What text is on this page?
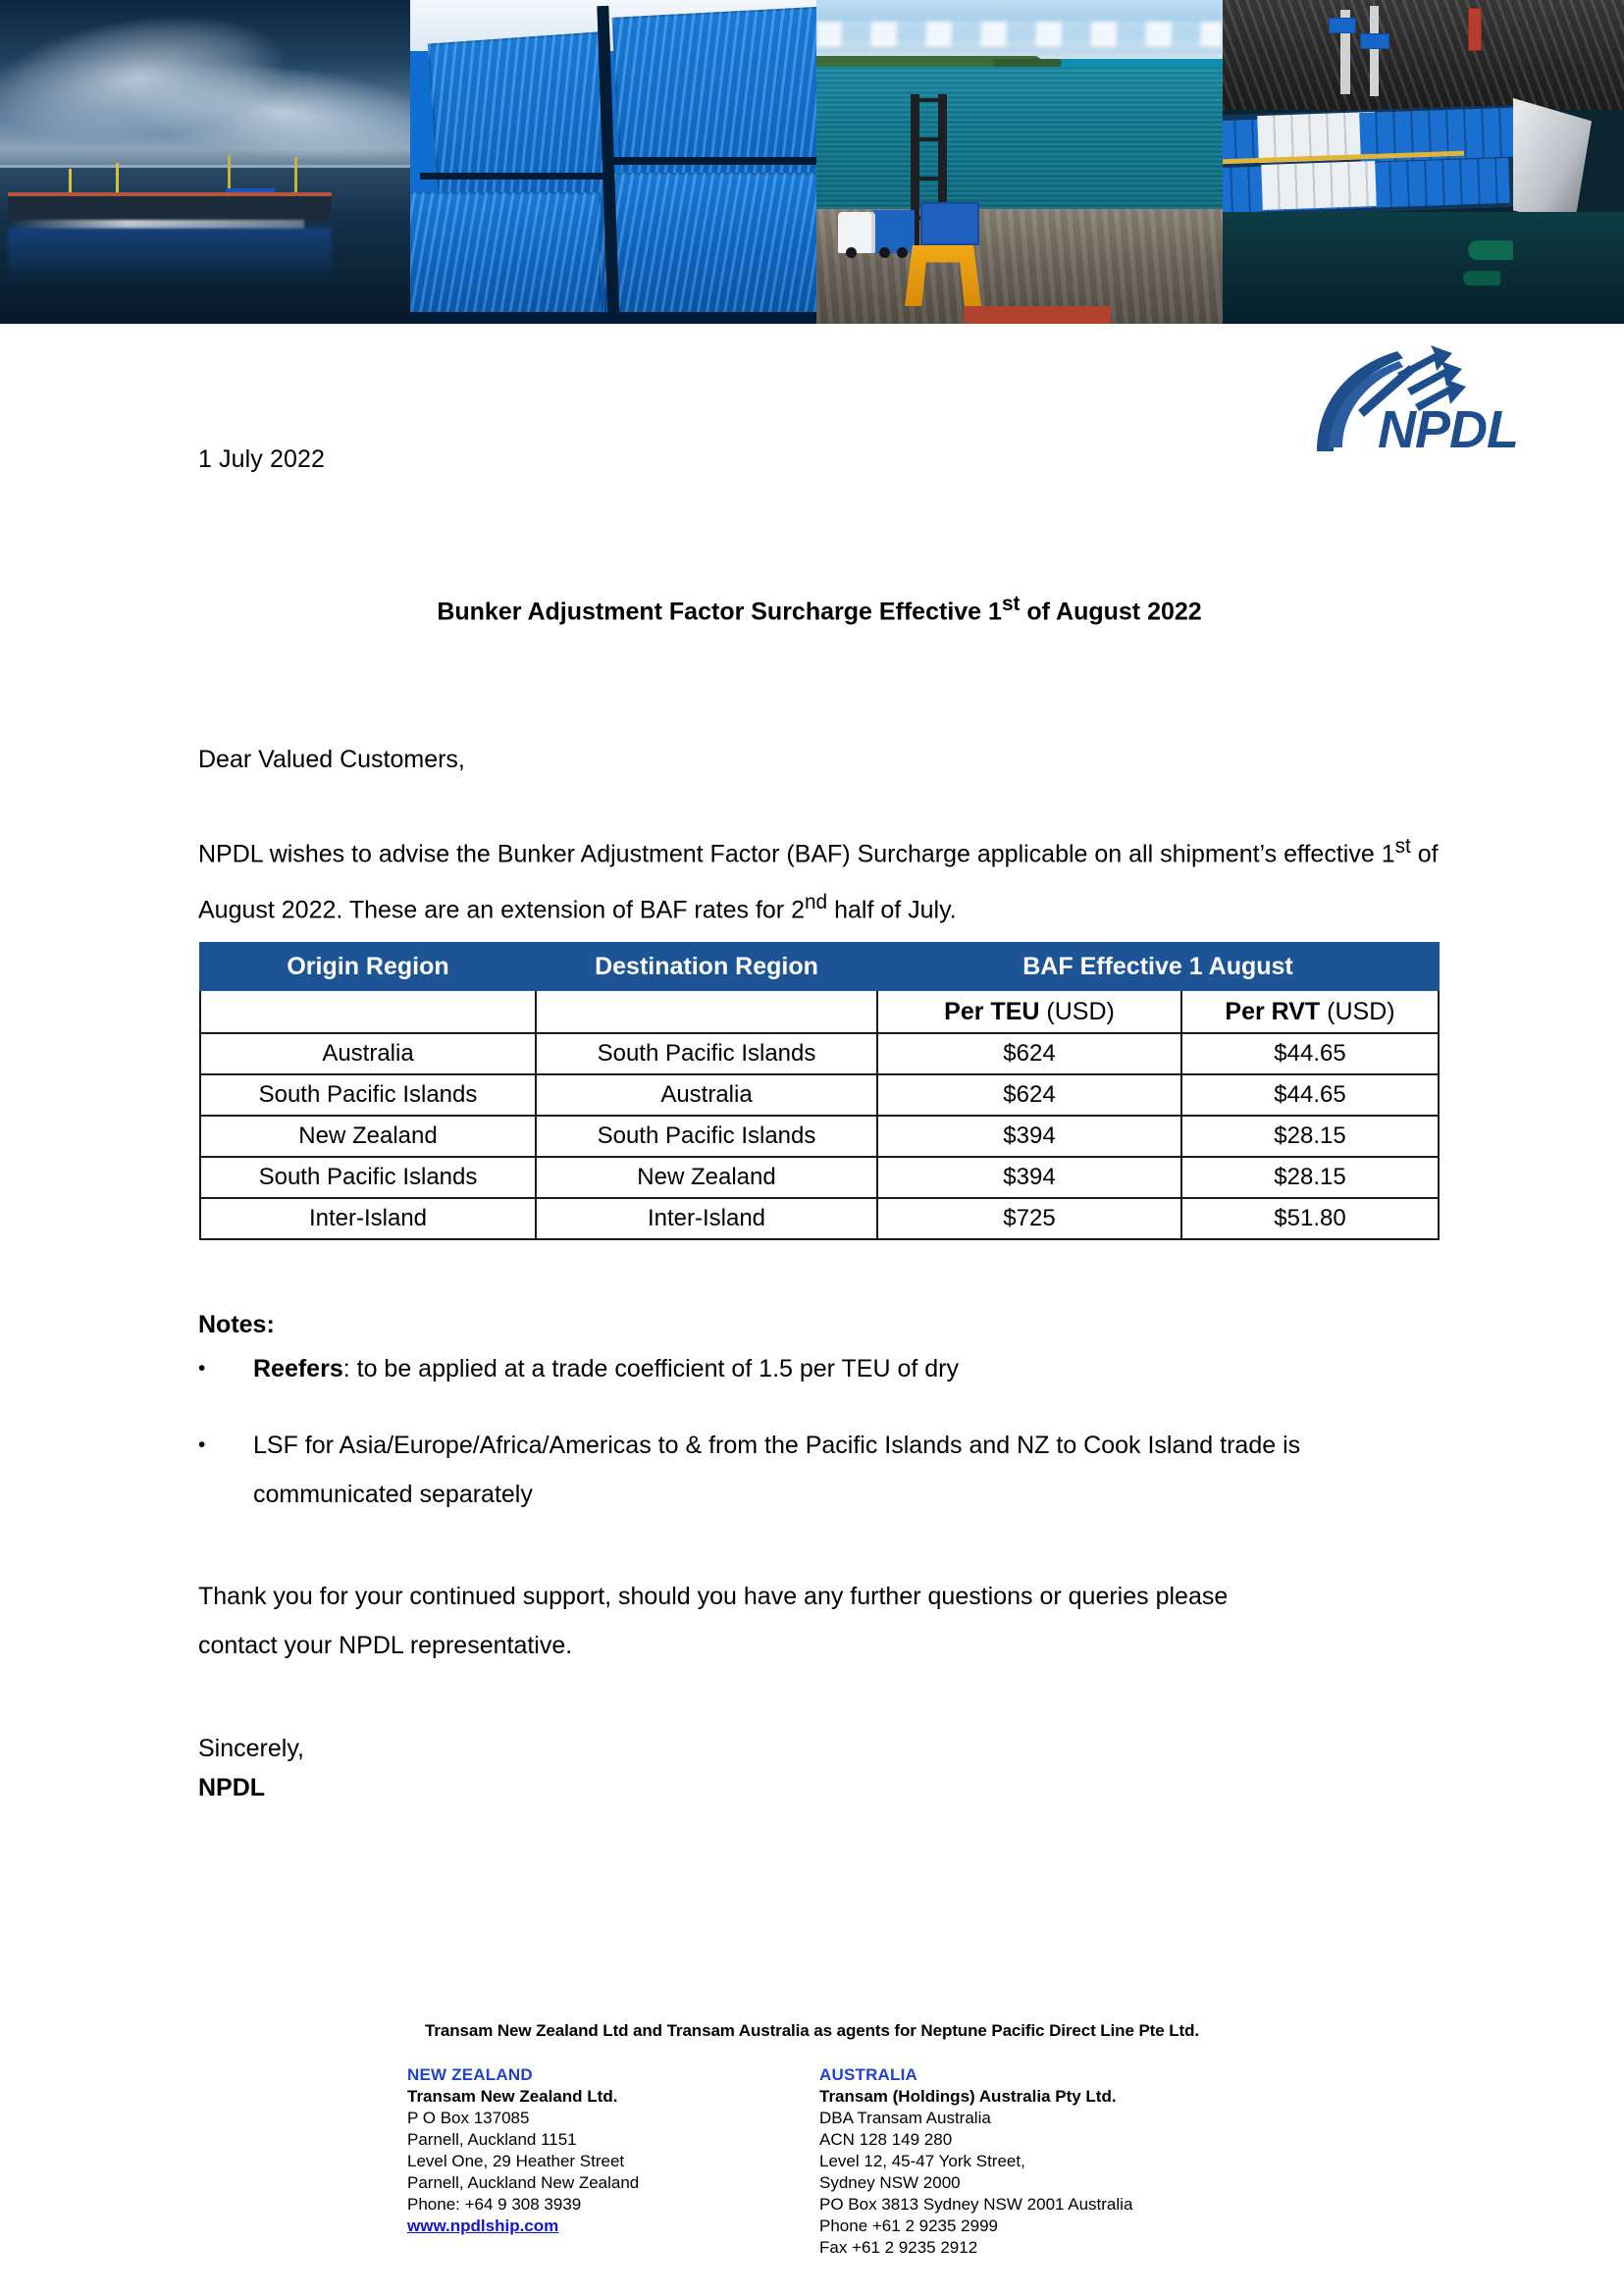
NPDL
1 July 2022
Bunker Adjustment Factor Surcharge Effective 1st of August 2022
Dear Valued Customers,
NPDL wishes to advise the Bunker Adjustment Factor (BAF) Surcharge applicable on all shipment’s effective 1st of August 2022. These are an extension of BAF rates for 2nd half of July.
Origin Region	Destination Region	BAF Effective 1 August	
		Per TEU (USD)	Per RVT (USD)
Australia	South Pacific Islands	$624	$44.65
South Pacific Islands	Australia	$624	$44.65
New Zealand	South Pacific Islands	$394	$28.15
South Pacific Islands	New Zealand	$394	$28.15
Inter-Island	Inter-Island	$725	$51.80
Notes:
•	Reefers: to be applied at a trade coefficient of 1.5 per TEU of dry
•	LSF for Asia/Europe/Africa/Americas to & from the Pacific Islands and NZ to Cook Island trade is communicated separately
Thank you for your continued support, should you have any further questions or queries please
contact your NPDL representative.
Sincerely,
NPDL
Transam New Zealand Ltd and Transam Australia as agents for Neptune Pacific Direct Line Pte Ltd.
NEW ZEALAND
Transam New Zealand Ltd.
P O Box 137085
Parnell, Auckland 1151
Level One, 29 Heather Street
Parnell, Auckland New Zealand
Phone: +64 9 308 3939
www.npdlship.com
AUSTRALIA
Transam (Holdings) Australia Pty Ltd.
DBA Transam Australia
ACN 128 149 280
Level 12, 45-47 York Street,
Sydney NSW 2000
PO Box 3813 Sydney NSW 2001 Australia
Phone +61 2 9235 2999
Fax +61 2 9235 2912
